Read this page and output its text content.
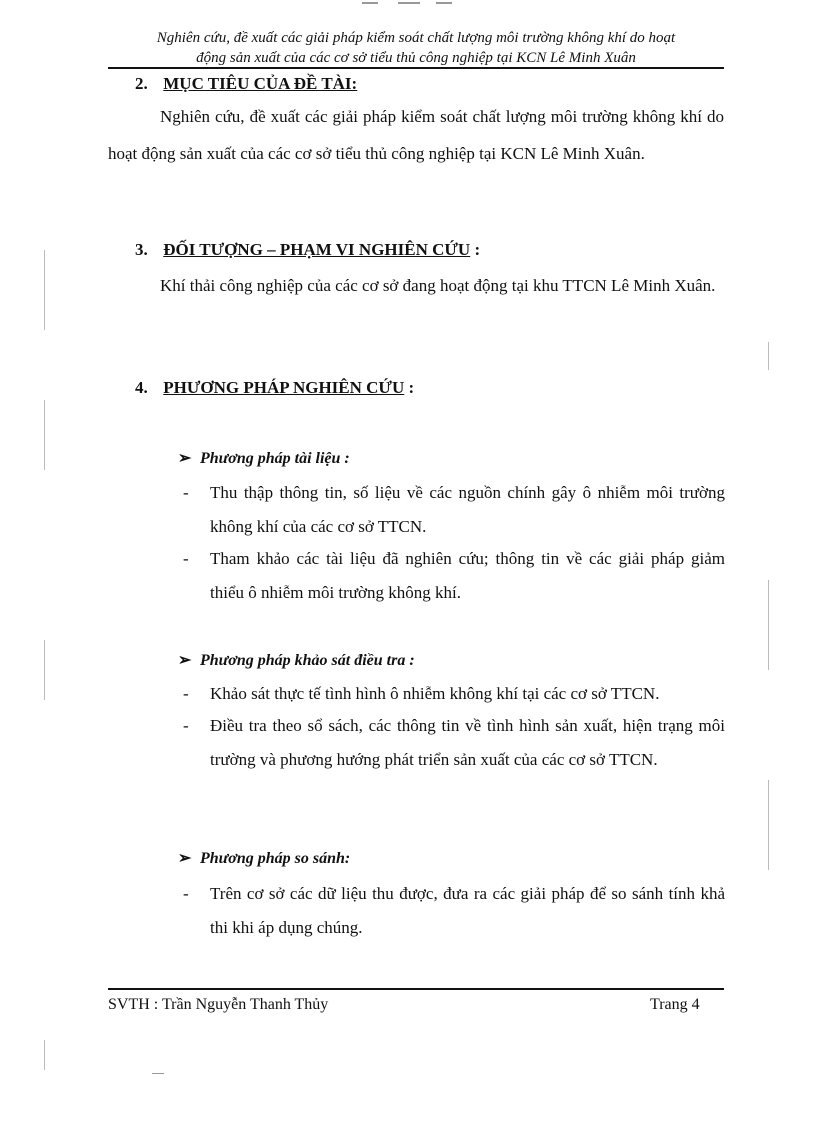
Nghiên cứu, đề xuất các giải pháp kiểm soát chất lượng môi trường không khí do hoạt
động sản xuất của các cơ sở tiểu thủ công nghiệp tại KCN Lê Minh Xuân
2. MỤC TIÊU CỦA ĐỀ TÀI:
Nghiên cứu, đề xuất các giải pháp kiểm soát chất lượng môi trường không khí do hoạt động sản xuất của các cơ sở tiểu thủ công nghiệp tại KCN Lê Minh Xuân.
3. ĐỐI TƯỢNG – PHẠM VI NGHIÊN CỨU :
Khí thải công nghiệp của các cơ sở đang hoạt động tại khu TTCN Lê Minh Xuân.
4. PHƯƠNG PHÁP NGHIÊN CỨU :
➢ Phương pháp tài liệu :
- Thu thập thông tin, số liệu về các nguồn chính gây ô nhiễm môi trường không khí của các cơ sở TTCN.
- Tham khảo các tài liệu đã nghiên cứu; thông tin về các giải pháp giảm thiểu ô nhiễm môi trường không khí.
➢ Phương pháp khảo sát điều tra :
- Khảo sát thực tế tình hình ô nhiễm không khí tại các cơ sở TTCN.
- Điều tra theo sổ sách, các thông tin về tình hình sản xuất, hiện trạng môi trường và phương hướng phát triển sản xuất của các cơ sở TTCN.
➢ Phương pháp so sánh:
- Trên cơ sở các dữ liệu thu được, đưa ra các giải pháp để so sánh tính khả thi khi áp dụng chúng.
SVTH : Trần Nguyễn Thanh Thủy	Trang 4
